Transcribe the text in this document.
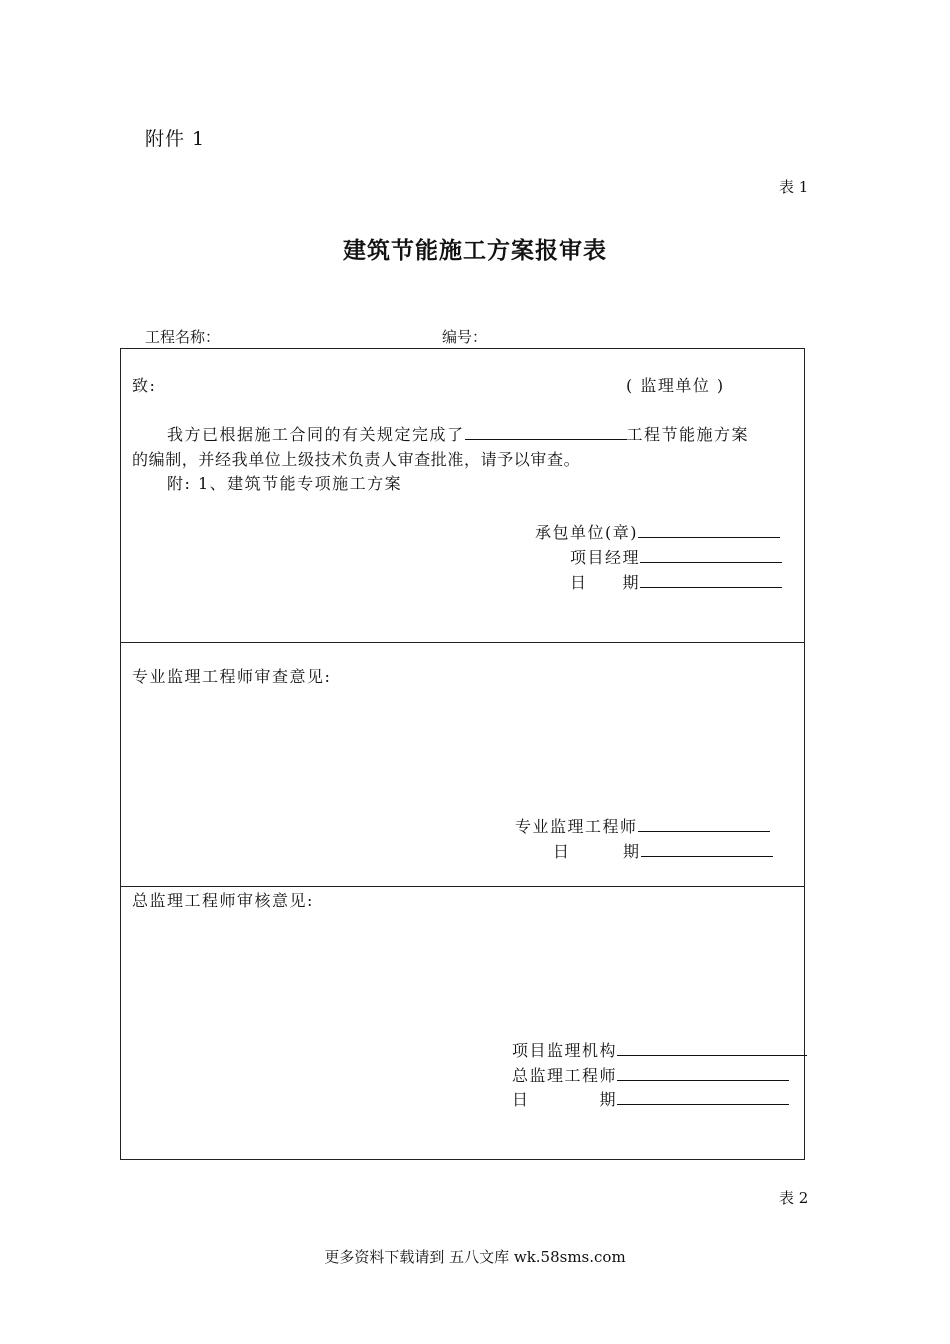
附件 1
表 1
建筑节能施工方案报审表
工程名称：	编号：
致:	( 监理单位 )
我方已根据施工合同的有关规定完成了	工程节能施方案
的编制，并经我单位上级技术负责人审查批准，请予以审查。
附: 1、建筑节能专项施工方案
承包单位(章)
项目经理
日　　期
专业监理工程师审查意见:
专业监理工程师
日　　　期
总监理工程师审核意见:
项目监理机构
总监理工程师
日　　　　期
表 2
更多资料下载请到 五八文库 wk.58sms.com
